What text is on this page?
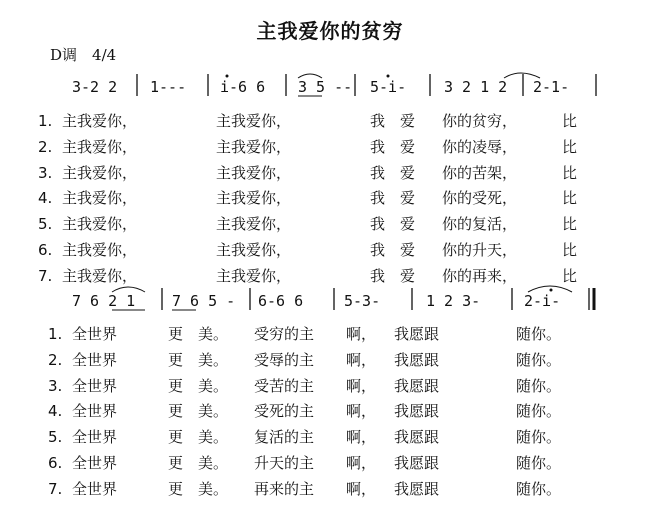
主我爱你的贫穷
D调　4/4
3-2 2 1--- i-6 6 3 5 -- 5-i-	3 2 1 2 2-1-
7 6 2 1 7 6 5 - 6-6 6	5-3-	1 2 3-	2-i-
1. 主我爱你，	主我爱你，	我　爱 你的贫穷，	比
2. 主我爱你，	主我爱你，	我　爱 你的凌辱，	比
3. 主我爱你，	主我爱你，	我　爱 你的苦架，	比
4. 主我爱你，	主我爱你，	我　爱 你的受死，	比
5. 主我爱你，	主我爱你，	我　爱 你的复活，	比
6. 主我爱你，	主我爱你，	我　爱 你的升天，	比
7. 主我爱你，	主我爱你，	我　爱 你的再来，	比
1. 全世界	更　美。 受穷的主 啊， 我愿跟	随你。
2. 全世界	更　美。 受辱的主 啊， 我愿跟	随你。
3. 全世界	更　美。 受苦的主 啊， 我愿跟	随你。
4. 全世界	更　美。 受死的主 啊， 我愿跟	随你。
5. 全世界	更　美。 复活的主 啊， 我愿跟	随你。
6. 全世界	更　美。 升天的主 啊， 我愿跟	随你。
7. 全世界	更　美。 再来的主 啊， 我愿跟	随你。
